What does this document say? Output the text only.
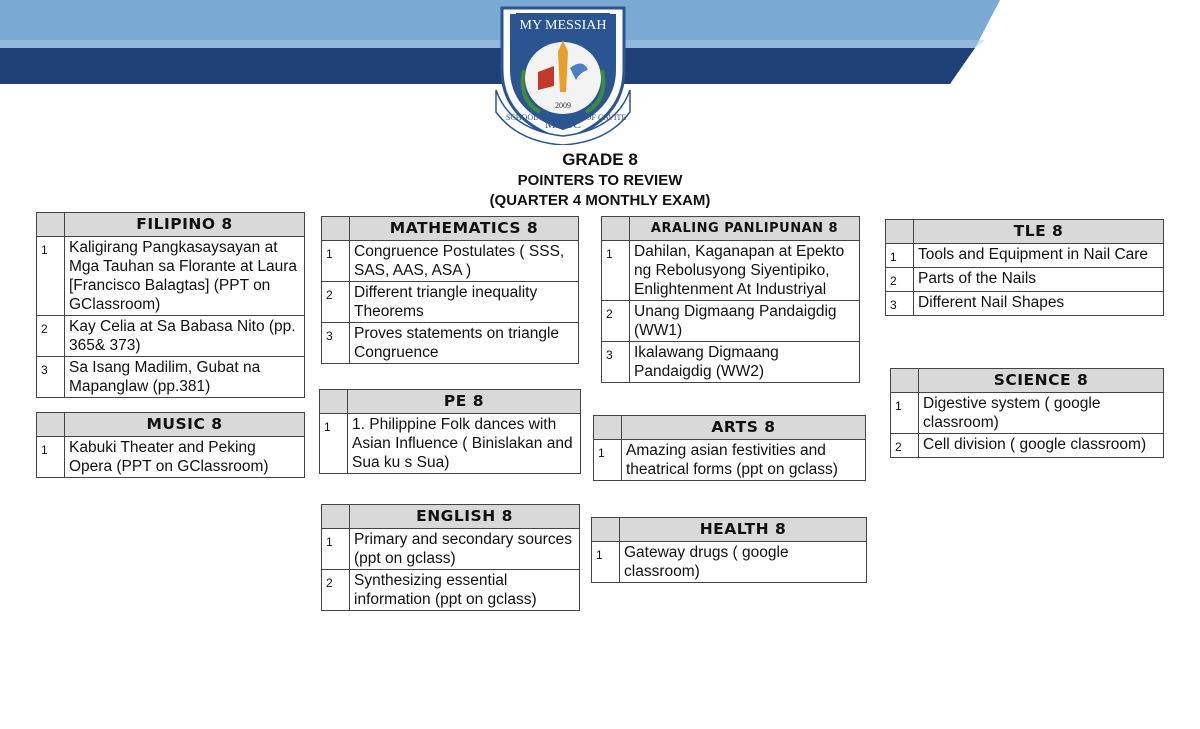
MY MESSIAH
SCHOOL	OF CAVITE
2009
MMSC
GRADE 8
POINTERS TO REVIEW
(QUARTER 4 MONTHLY EXAM)
	FILIPINO 8
1	Kaligirang Pangkasaysayan at Mga Tauhan sa Florante at Laura [Francisco Balagtas] (PPT on GClassroom)
2	Kay Celia at Sa Babasa Nito (pp. 365& 373)
3	Sa Isang Madilim, Gubat na Mapanglaw (pp.381)
	MUSIC 8
1	Kabuki Theater and Peking Opera (PPT on GClassroom)
	MATHEMATICS 8
1	Congruence Postulates ( SSS, SAS, AAS, ASA )
2	Different triangle inequality Theorems
3	Proves statements on triangle Congruence
	PE 8
1	1. Philippine Folk dances with Asian Influence ( Binislakan and Sua ku s Sua)
	ENGLISH 8
1	Primary and secondary sources (ppt on gclass)
2	Synthesizing essential information (ppt on gclass)
	ARALING PANLIPUNAN 8
1	Dahilan, Kaganapan at Epekto ng Rebolusyong Siyentipiko, Enlightenment At Industriyal
2	Unang Digmaang Pandaigdig (WW1)
3	Ikalawang Digmaang Pandaigdig (WW2)
	ARTS 8
1	Amazing asian festivities and theatrical forms (ppt on gclass)
	HEALTH 8
1	Gateway drugs ( google classroom)
	TLE 8
1	Tools and Equipment in Nail Care
2	Parts of the Nails
3	Different Nail Shapes
	SCIENCE 8
1	Digestive system ( google classroom)
2	Cell division ( google classroom)
